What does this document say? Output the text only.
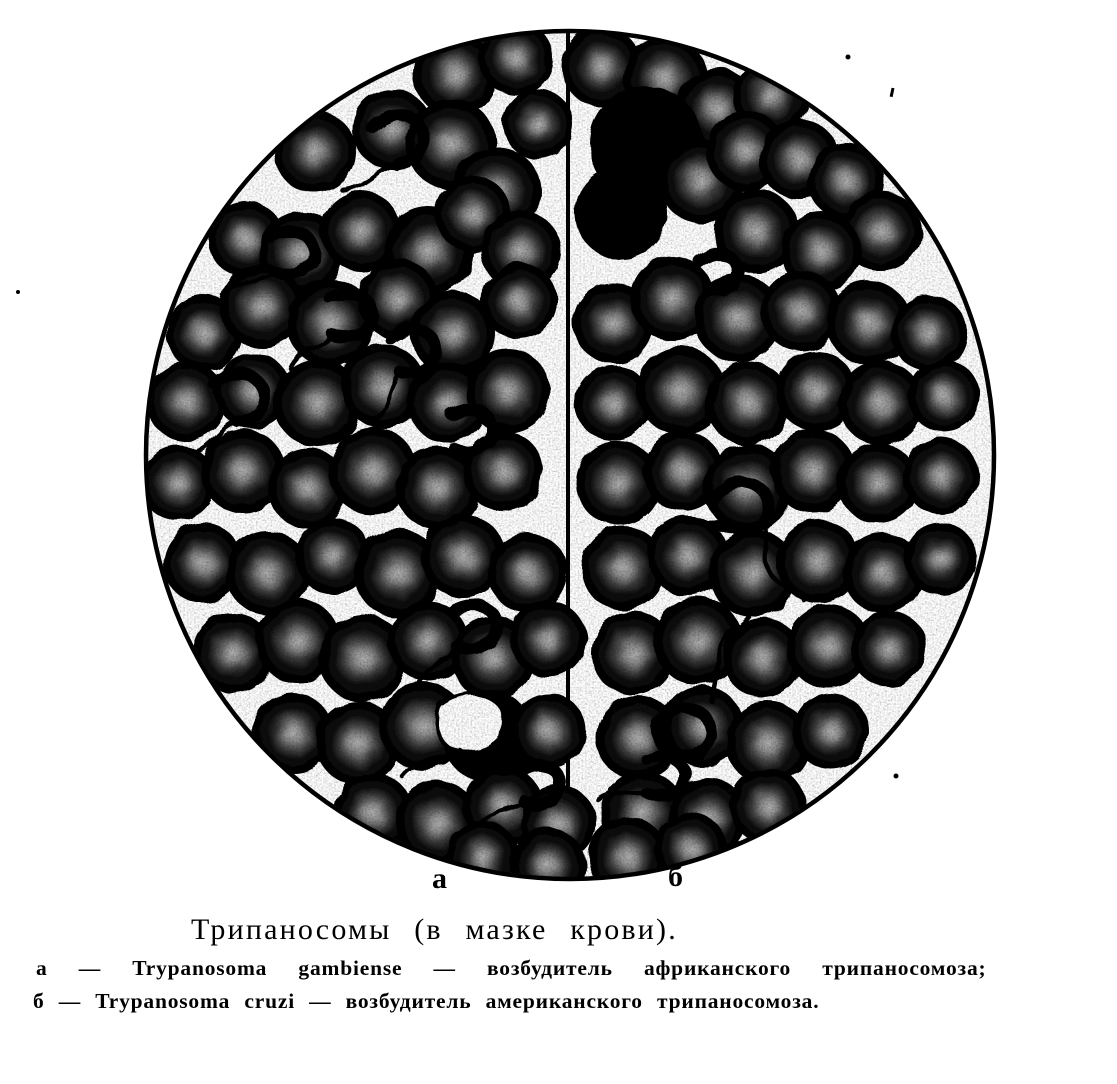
а	б
Трипаносомы (в мазке крови).
а — Trypanosoma gambiense — возбудитель африканского трипаносомоза;
б — Trypanosoma cruzi — возбудитель американского трипаносомоза.
